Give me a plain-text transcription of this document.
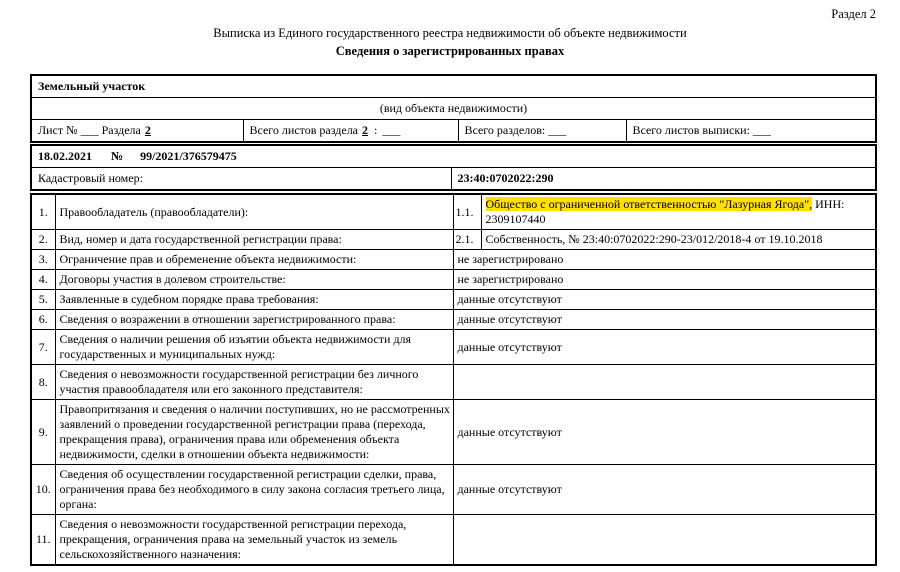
Раздел 2
Выписка из Единого государственного реестра недвижимости об объекте недвижимости
Сведения о зарегистрированных правах
Земельный участок
(вид объекта недвижимости)
Лист № ___ Раздела 2	Всего листов раздела 2 : ___	Всего разделов: ___	Всего листов выписки: ___
18.02.2021 № 99/2021/376579475
Кадастровый номер:	23:40:0702022:290
1.	Правообладатель (правообладатели):	1.1.	Общество с ограниченной ответственностью "Лазурная Ягода", ИНН:
2309107440
2.	Вид, номер и дата государственной регистрации права:	2.1.	Собственность, № 23:40:0702022:290-23/012/2018-4 от 19.10.2018
3.	Ограничение прав и обременение объекта недвижимости:	не зарегистрировано	
4.	Договоры участия в долевом строительстве:	не зарегистрировано	
5.	Заявленные в судебном порядке права требования:	данные отсутствуют	
6.	Сведения о возражении в отношении зарегистрированного права:	данные отсутствуют	
7.	Сведения о наличии решения об изъятии объекта недвижимости для государственных и муниципальных нужд:	данные отсутствуют	
8.	Сведения о невозможности государственной регистрации без личного участия правообладателя или его законного представителя:		
9.	Правопритязания и сведения о наличии поступивших, но не рассмотренных заявлений о проведении государственной регистрации права (перехода, прекращения права), ограничения права или обременения объекта недвижимости, сделки в отношении объекта недвижимости:	данные отсутствуют	
10.	Сведения об осуществлении государственной регистрации сделки, права, ограничения права без необходимого в силу закона согласия третьего лица, органа:	данные отсутствуют	
11.	Сведения о невозможности государственной регистрации перехода, прекращения, ограничения права на земельный участок из земель сельскохозяйственного назначения:		
